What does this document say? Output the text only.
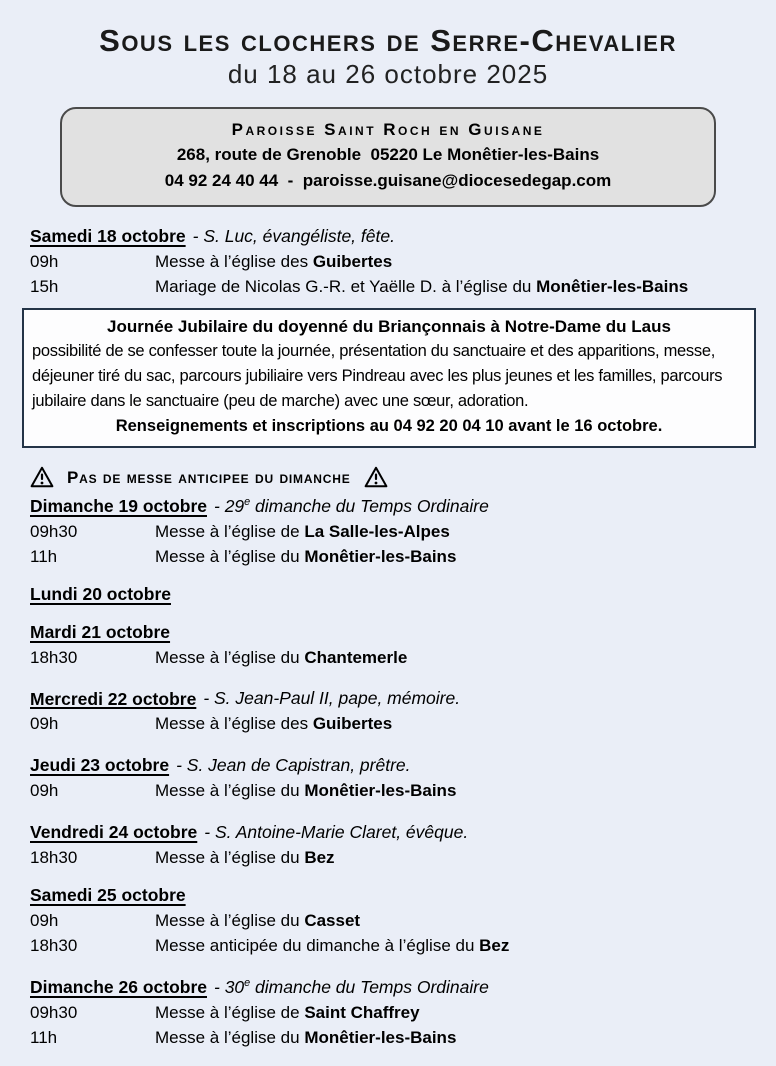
Sous les clochers de Serre-Chevalier
du 18 au 26 octobre 2025
Paroisse Saint Roch en Guisane
268, route de Grenoble  05220 Le Monêtier-les-Bains
04 92 24 40 44  -  paroisse.guisane@diocesedegap.com
Samedi 18 octobre - S. Luc, évangéliste, fête.
09h	Messe à l’église des Guibertes
15h	Mariage de Nicolas G.-R. et Yaëlle D. à l’église du Monêtier-les-Bains
Journée Jubilaire du doyenné du Briançonnais à Notre-Dame du Laus
possibilité de se confesser toute la journée, présentation du sanctuaire et des apparitions, messe, déjeuner tiré du sac, parcours jubiliaire vers Pindreau avec les plus jeunes et les familles, parcours jubilaire dans le sanctuaire (peu de marche) avec une sœur, adoration.
Renseignements et inscriptions au 04 92 20 04 10 avant le 16 octobre.
Pas de messe anticipee du dimanche
Dimanche 19 octobre - 29e dimanche du Temps Ordinaire
09h30	Messe à l’église de La Salle-les-Alpes
11h	Messe à l’église du Monêtier-les-Bains
Lundi 20 octobre
Mardi 21 octobre
18h30	Messe à l’église du Chantemerle
Mercredi 22 octobre - S. Jean-Paul II, pape, mémoire.
09h	Messe à l’église des Guibertes
Jeudi 23 octobre - S. Jean de Capistran, prêtre.
09h	Messe à l’église du Monêtier-les-Bains
Vendredi 24 octobre - S. Antoine-Marie Claret, évêque.
18h30	Messe à l’église du Bez
Samedi 25 octobre
09h	Messe à l’église du Casset
18h30	Messe anticipée du dimanche à l’église du Bez
Dimanche 26 octobre - 30e dimanche du Temps Ordinaire
09h30	Messe à l’église de Saint Chaffrey
11h	Messe à l’église du Monêtier-les-Bains
